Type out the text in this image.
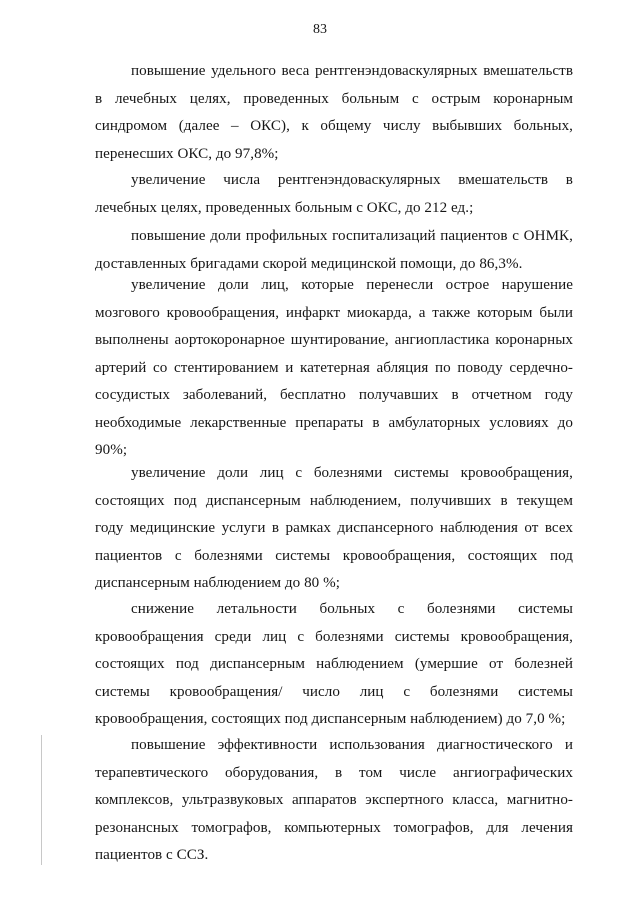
83

повышение удельного веса рентгенэндоваскулярных вмешательств в лечебных целях, проведенных больным с острым коронарным синдромом (далее – ОКС), к общему числу выбывших больных, перенесших ОКС, до 97,8%;

увеличение числа рентгенэндоваскулярных вмешательств в лечебных целях, проведенных больным с ОКС, до 212 ед.;

повышение доли профильных госпитализаций пациентов с ОНМК, доставленных бригадами скорой медицинской помощи, до 86,3%.

увеличение доли лиц, которые перенесли острое нарушение мозгового кровообращения, инфаркт миокарда, а также которым были выполнены аортокоронарное шунтирование, ангиопластика коронарных артерий со стентированием и катетерная абляция по поводу сердечно-сосудистых заболеваний, бесплатно получавших в отчетном году необходимые лекарственные препараты в амбулаторных условиях до 90%;

увеличение доли лиц с болезнями системы кровообращения, состоящих под диспансерным наблюдением, получивших в текущем году медицинские услуги в рамках диспансерного наблюдения от всех пациентов с болезнями системы кровообращения, состоящих под диспансерным наблюдением до 80 %;

снижение летальности больных с болезнями системы кровообращения среди лиц с болезнями системы кровообращения, состоящих под диспансерным наблюдением (умершие от болезней системы кровообращения/ число лиц с болезнями системы кровообращения, состоящих под диспансерным наблюдением) до 7,0 %;

повышение эффективности использования диагностического и терапевтического оборудования, в том числе ангиографических комплексов, ультразвуковых аппаратов экспертного класса, магнитно-резонансных томографов, компьютерных томографов, для лечения пациентов с ССЗ.
